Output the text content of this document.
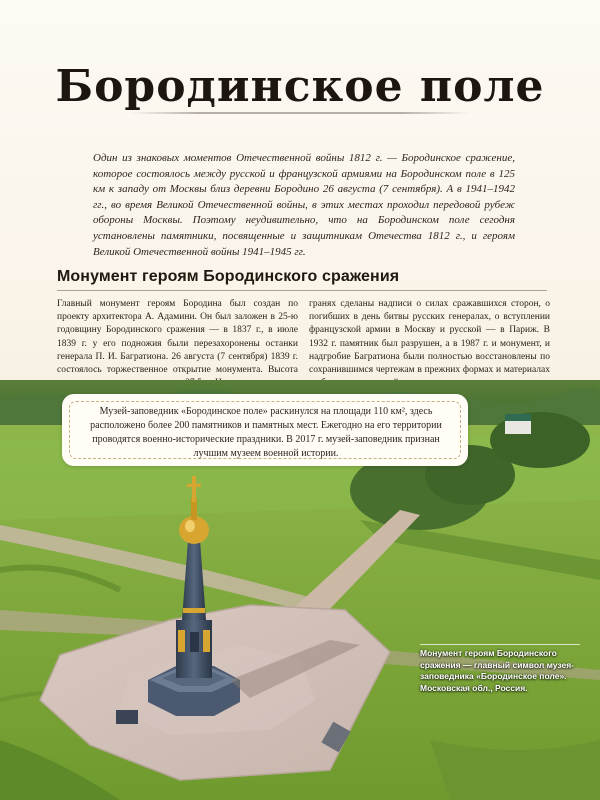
Бородинское поле
Один из знаковых моментов Отечественной войны 1812 г. — Бородинское сражение, которое состоялось между русской и французской армиями на Бородинском поле в 125 км к западу от Москвы близ деревни Бородино 26 августа (7 сентября). А в 1941–1942 гг., во время Великой Отечественной войны, в этих местах проходил передовой рубеж обороны Москвы. Поэтому неудивительно, что на Бородинском поле сегодня установлены памятники, посвященные и защитникам Отечества 1812 г., и героям Великой Отечественной войны 1941–1945 гг.
Монумент героям Бородинского сражения
Главный монумент героям Бородина был создан по проекту архитектора А. Адамини. Он был заложен в 25-ю годовщину Бородинского сражения — в 1837 г., в июле 1839 г. у его подножия были перезахоронены останки генерала П. И. Багратиона. 26 августа (7 сентября) 1839 г. состоялось торжественное открытие монумента. Высота
гранях сделаны надписи о силах сражавшихся сторон, о погибших в день битвы русских генералах, о вступлении французской армии в Москву и русской — в Париж. В 1932 г. памятник был разрушен, а в 1987 г. и монумент, и надгробие Багратиона были полностью восстановлены по сохранившимся чертежам в прежних формах и материалах
Музей-заповедник «Бородинское поле» раскинулся на площади 110 км², здесь расположено более 200 памятников и памятных мест. Ежегодно на его территории проводятся военно-исторические праздники. В 2017 г. музей-заповедник признан лучшим музеем военной истории.
Монумент героям Бородинского сражения — главный символ музея-заповедника «Бородинское поле». Московская обл., Россия.
